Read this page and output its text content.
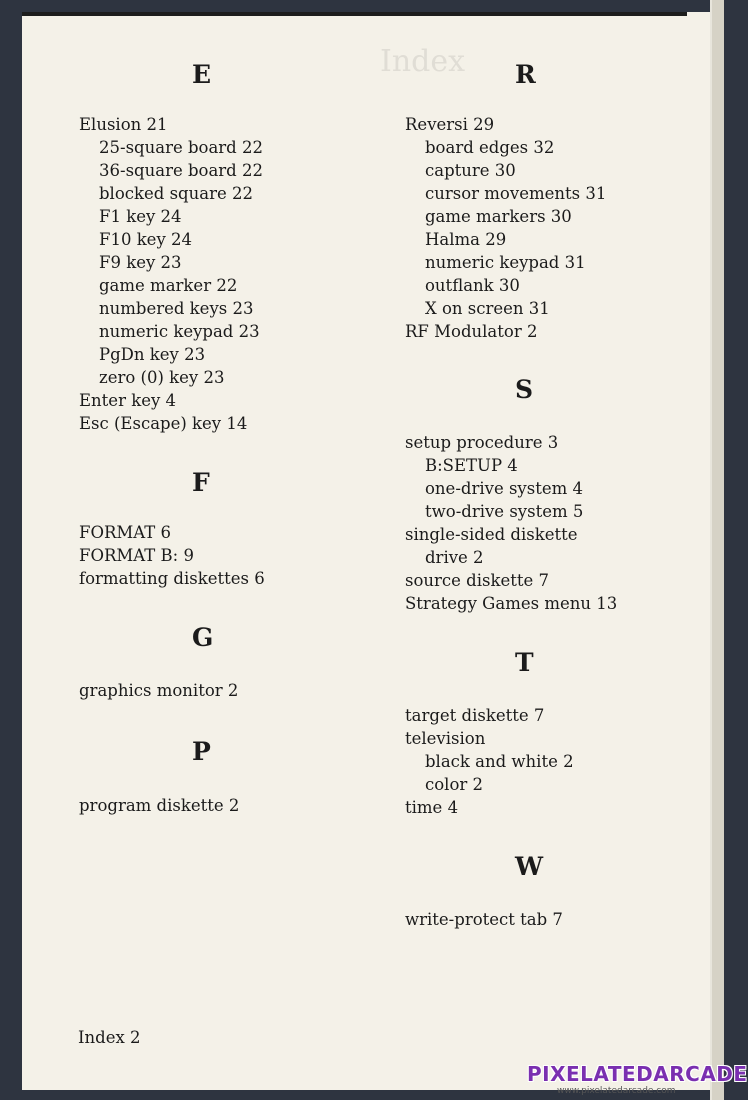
Index
E
Elusion 21
25-square board 22
36-square board 22
blocked square 22
F1 key 24
F10 key 24
F9 key 23
game marker 22
numbered keys 23
numeric keypad 23
PgDn key 23
zero (0) key 23
Enter key 4
Esc (Escape) key 14
F
FORMAT 6
FORMAT B: 9
formatting diskettes 6
G
graphics monitor 2
P
program diskette 2
R
Reversi 29
board edges 32
capture 30
cursor movements 31
game markers 30
Halma 29
numeric keypad 31
outflank 30
X on screen 31
RF Modulator 2
S
setup procedure 3
B:SETUP 4
one-drive system 4
two-drive system 5
single-sided diskette
drive 2
source diskette 7
Strategy Games menu 13
T
target diskette 7
television
black and white 2
color 2
time 4
W
write-protect tab 7
Index 2
PIXELATEDARCADE
www.pixelatedarcade.com
